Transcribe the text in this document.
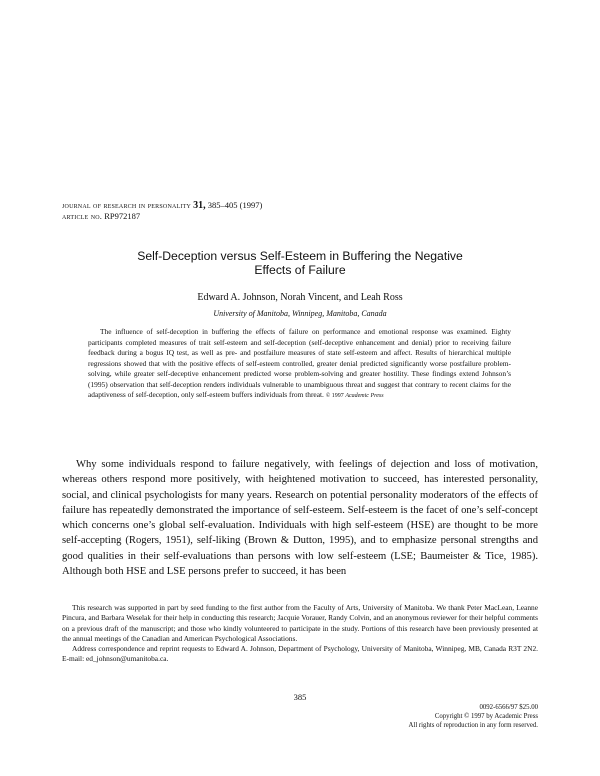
journal of research in personality 31, 385–405 (1997)
article no. RP972187
Self-Deception versus Self-Esteem in Buffering the Negative
Effects of Failure
Edward A. Johnson, Norah Vincent, and Leah Ross
University of Manitoba, Winnipeg, Manitoba, Canada
The influence of self-deception in buffering the effects of failure on performance and emotional response was examined. Eighty participants completed measures of trait self-esteem and self-deception (self-deceptive enhancement and denial) prior to receiving failure feedback during a bogus IQ test, as well as pre- and postfailure measures of state self-esteem and affect. Results of hierarchical multiple regressions showed that with the positive effects of self-esteem controlled, greater denial predicted significantly worse postfailure problem-solving, while greater self-deceptive enhancement predicted worse problem-solving and greater hostility. These findings extend Johnson’s (1995) observation that self-deception renders individuals vulnerable to unambiguous threat and suggest that contrary to recent claims for the adaptiveness of self-deception, only self-esteem buffers individuals from threat. © 1997 Academic Press
Why some individuals respond to failure negatively, with feelings of dejection and loss of motivation, whereas others respond more positively, with heightened motivation to succeed, has interested personality, social, and clinical psychologists for many years. Research on potential personality moderators of the effects of failure has repeatedly demonstrated the importance of self-esteem. Self-esteem is the facet of one’s self-concept which concerns one’s global self-evaluation. Individuals with high self-esteem (HSE) are thought to be more self-accepting (Rogers, 1951), self-liking (Brown & Dutton, 1995), and to emphasize personal strengths and good qualities in their self-evaluations than persons with low self-esteem (LSE; Baumeister & Tice, 1985). Although both HSE and LSE persons prefer to succeed, it has been

This research was supported in part by seed funding to the first author from the Faculty of Arts, University of Manitoba. We thank Peter MacLean, Leanne Pincura, and Barbara Weselak for their help in conducting this research; Jacquie Vorauer, Randy Colvin, and an anonymous reviewer for their helpful comments on a previous draft of the manuscript; and those who kindly volunteered to participate in the study. Portions of this research have been previously presented at the annual meetings of the Canadian and American Psychological Associations.

Address correspondence and reprint requests to Edward A. Johnson, Department of Psychology, University of Manitoba, Winnipeg, MB, Canada R3T 2N2. E-mail: ed_johnson@umanitoba.ca.

385
0092-6566/97 $25.00
Copyright © 1997 by Academic Press
All rights of reproduction in any form reserved.
